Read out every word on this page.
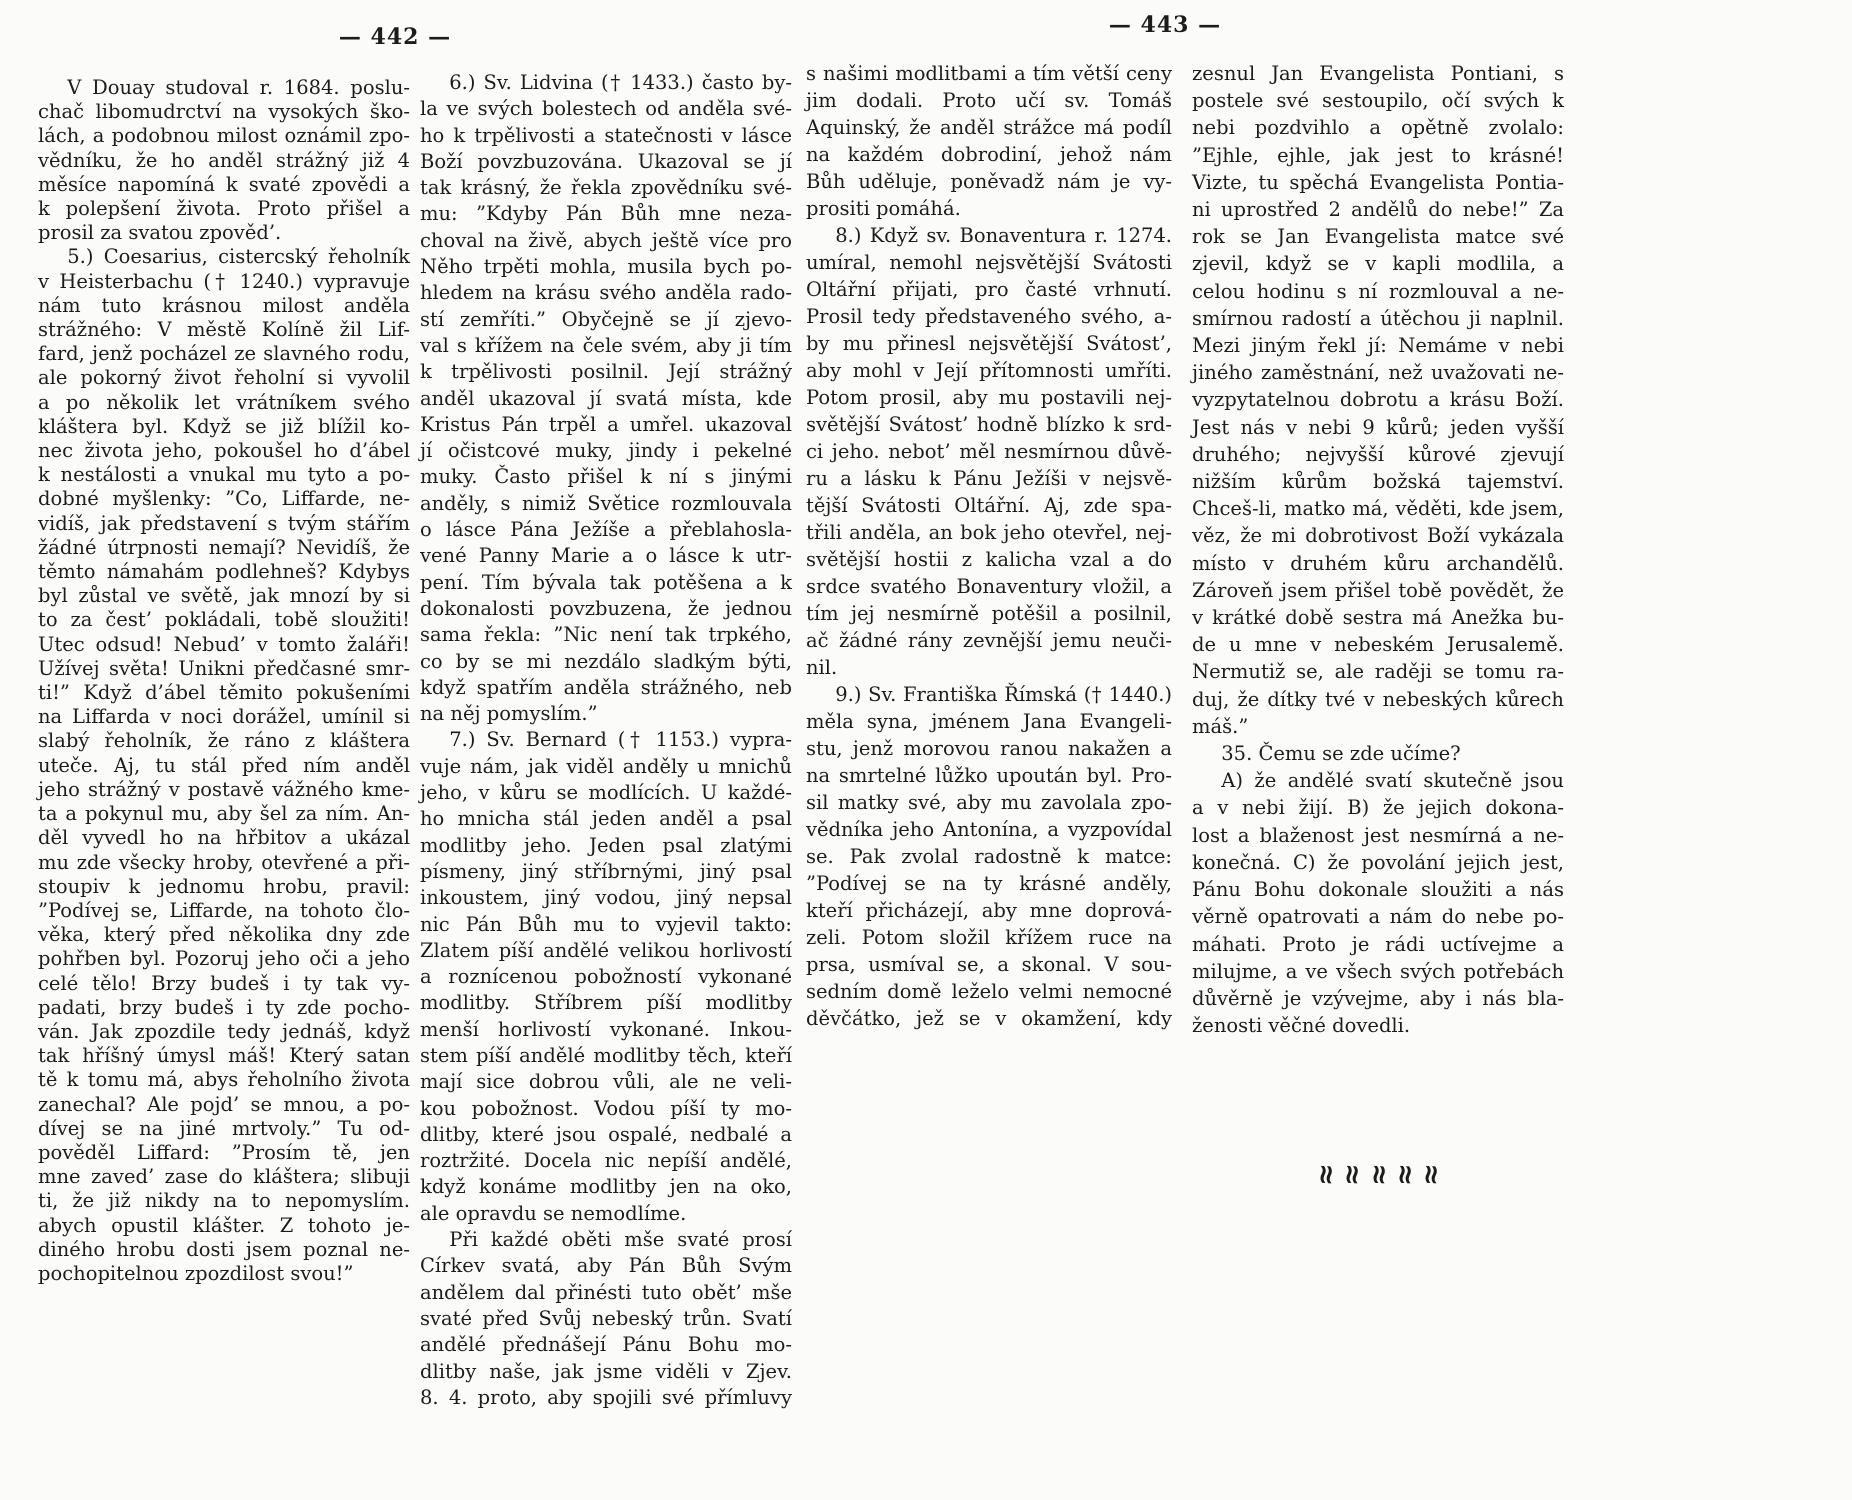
— 442 —	— 443 —
V Douay studoval r. 1684. poslu-
chač libomudrctví na vysokých ško-
lách, a podobnou milost oznámil zpo-
vědníku, že ho anděl strážný již 4
měsíce napomíná k svaté zpovědi a
k polepšení života. Proto přišel a
prosil za svatou zpověd’.
5.) Coesarius, cistercský řeholník
v Heisterbachu († 1240.) vypravuje
nám tuto krásnou milost anděla
strážného: V městě Kolíně žil Lif-
fard, jenž pocházel ze slavného rodu,
ale pokorný život řeholní si vyvolil
a po několik let vrátníkem svého
kláštera byl. Když se již blížil ko-
nec života jeho, pokoušel ho d’ábel
k nestálosti a vnukal mu tyto a po-
dobné myšlenky: ”Co, Liffarde, ne-
vidíš, jak představení s tvým stářím
žádné útrpnosti nemají? Nevidíš, že
těmto námahám podlehneš? Kdybys
byl zůstal ve světě, jak mnozí by si
to za čest’ pokládali, tobě sloužiti!
Utec odsud! Nebud’ v tomto žaláři!
Užívej světa! Unikni předčasné smr-
ti!” Když d’ábel těmito pokušeními
na Liffarda v noci dorážel, umínil si
slabý řeholník, že ráno z kláštera
uteče. Aj, tu stál před ním anděl
jeho strážný v postavě vážného kme-
ta a pokynul mu, aby šel za ním. An-
děl vyvedl ho na hřbitov a ukázal
mu zde všecky hroby, otevřené a při-
stoupiv k jednomu hrobu, pravil:
”Podívej se, Liffarde, na tohoto člo-
věka, který před několika dny zde
pohřben byl. Pozoruj jeho oči a jeho
celé tělo! Brzy budeš i ty tak vy-
padati, brzy budeš i ty zde pocho-
ván. Jak zpozdile tedy jednáš, když
tak hříšný úmysl máš! Který satan
tě k tomu má, abys řeholního života
zanechal? Ale pojd’ se mnou, a po-
dívej se na jiné mrtvoly.” Tu od-
pověděl Liffard: ”Prosím tě, jen
mne zaved’ zase do kláštera; slibuji
ti, že již nikdy na to nepomyslím.
abych opustil klášter. Z tohoto je-
diného hrobu dosti jsem poznal ne-
pochopitelnou zpozdilost svou!”
6.) Sv. Lidvina († 1433.) často by-
la ve svých bolestech od anděla své-
ho k trpělivosti a statečnosti v lásce
Boží povzbuzována. Ukazoval se jí
tak krásný, že řekla zpovědníku své-
mu: ”Kdyby Pán Bůh mne neza-
choval na živě, abych ještě více pro
Něho trpěti mohla, musila bych po-
hledem na krásu svého anděla rado-
stí zemříti.” Obyčejně se jí zjevo-
val s křížem na čele svém, aby ji tím
k trpělivosti posilnil. Její strážný
anděl ukazoval jí svatá místa, kde
Kristus Pán trpěl a umřel. ukazoval
jí očistcové muky, jindy i pekelné
muky. Často přišel k ní s jinými
anděly, s nimiž Světice rozmlouvala
o lásce Pána Ježíše a přeblahosla-
vené Panny Marie a o lásce k utr-
pení. Tím bývala tak potěšena a k
dokonalosti povzbuzena, že jednou
sama řekla: ”Nic není tak trpkého,
co by se mi nezdálo sladkým býti,
když spatřím anděla strážného, neb
na něj pomyslím.”
7.) Sv. Bernard († 1153.) vypra-
vuje nám, jak viděl anděly u mnichů
jeho, v kůru se modlících. U každé-
ho mnicha stál jeden anděl a psal
modlitby jeho. Jeden psal zlatými
písmeny, jiný stříbrnými, jiný psal
inkoustem, jiný vodou, jiný nepsal
nic Pán Bůh mu to vyjevil takto:
Zlatem píší andělé velikou horlivostí
a roznícenou pobožností vykonané
modlitby. Stříbrem píší modlitby
menší horlivostí vykonané. Inkou-
stem píší andělé modlitby těch, kteří
mají sice dobrou vůli, ale ne veli-
kou pobožnost. Vodou píší ty mo-
dlitby, které jsou ospalé, nedbalé a
roztržité. Docela nic nepíší andělé,
když konáme modlitby jen na oko,
ale opravdu se nemodlíme.
Při každé oběti mše svaté prosí
Církev svatá, aby Pán Bůh Svým
andělem dal přinésti tuto obět’ mše
svaté před Svůj nebeský trůn. Svatí
andělé přednášejí Pánu Bohu mo-
dlitby naše, jak jsme viděli v Zjev.
8. 4. proto, aby spojili své přímluvy
s našimi modlitbami a tím větší ceny
jim dodali. Proto učí sv. Tomáš
Aquinský, že anděl strážce má podíl
na každém dobrodiní, jehož nám
Bůh uděluje, poněvadž nám je vy-
prositi pomáhá.
8.) Když sv. Bonaventura r. 1274.
umíral, nemohl nejsvětější Svátosti
Oltářní přijati, pro časté vrhnutí.
Prosil tedy představeného svého, a-
by mu přinesl nejsvětější Svátost’,
aby mohl v Její přítomnosti umříti.
Potom prosil, aby mu postavili nej-
světější Svátost’ hodně blízko k srd-
ci jeho. nebot’ měl nesmírnou důvě-
ru a lásku k Pánu Ježíši v nejsvě-
tější Svátosti Oltářní. Aj, zde spa-
třili anděla, an bok jeho otevřel, nej-
světější hostii z kalicha vzal a do
srdce svatého Bonaventury vložil, a
tím jej nesmírně potěšil a posilnil,
ač žádné rány zevnější jemu neuči-
nil.
9.) Sv. Františka Římská († 1440.)
měla syna, jménem Jana Evangeli-
stu, jenž morovou ranou nakažen a
na smrtelné lůžko upoután byl. Pro-
sil matky své, aby mu zavolala zpo-
vědníka jeho Antonína, a vyzpovídal
se. Pak zvolal radostně k matce:
”Podívej se na ty krásné anděly,
kteří přicházejí, aby mne doprová-
zeli. Potom složil křížem ruce na
prsa, usmíval se, a skonal. V sou-
sedním domě leželo velmi nemocné
děvčátko, jež se v okamžení, kdy
zesnul Jan Evangelista Pontiani, s
postele své sestoupilo, očí svých k
nebi pozdvihlo a opětně zvolalo:
”Ejhle, ejhle, jak jest to krásné!
Vizte, tu spěchá Evangelista Pontia-
ni uprostřed 2 andělů do nebe!” Za
rok se Jan Evangelista matce své
zjevil, když se v kapli modlila, a
celou hodinu s ní rozmlouval a ne-
smírnou radostí a útěchou ji naplnil.
Mezi jiným řekl jí: Nemáme v nebi
jiného zaměstnání, než uvažovati ne-
vyzpytatelnou dobrotu a krásu Boží.
Jest nás v nebi 9 kůrů; jeden vyšší
druhého; nejvyšší kůrové zjevují
nižším kůrům božská tajemství.
Chceš-li, matko má, věděti, kde jsem,
věz, že mi dobrotivost Boží vykázala
místo v druhém kůru archandělů.
Zároveň jsem přišel tobě povědět, že
v krátké době sestra má Anežka bu-
de u mne v nebeském Jerusalemě.
Nermutiž se, ale raději se tomu ra-
duj, že dítky tvé v nebeských kůrech
máš.”
35. Čemu se zde učíme?
A) že andělé svatí skutečně jsou
a v nebi žijí. B) že jejich dokona-
lost a blaženost jest nesmírná a ne-
konečná. C) že povolání jejich jest,
Pánu Bohu dokonale sloužiti a nás
věrně opatrovati a nám do nebe po-
máhati. Proto je rádi uctívejme a
milujme, a ve všech svých potřebách
důvěrně je vzývejme, aby i nás bla-
ženosti věčné dovedli.
≀≀ ≀≀ ≀≀ ≀≀ ≀≀
